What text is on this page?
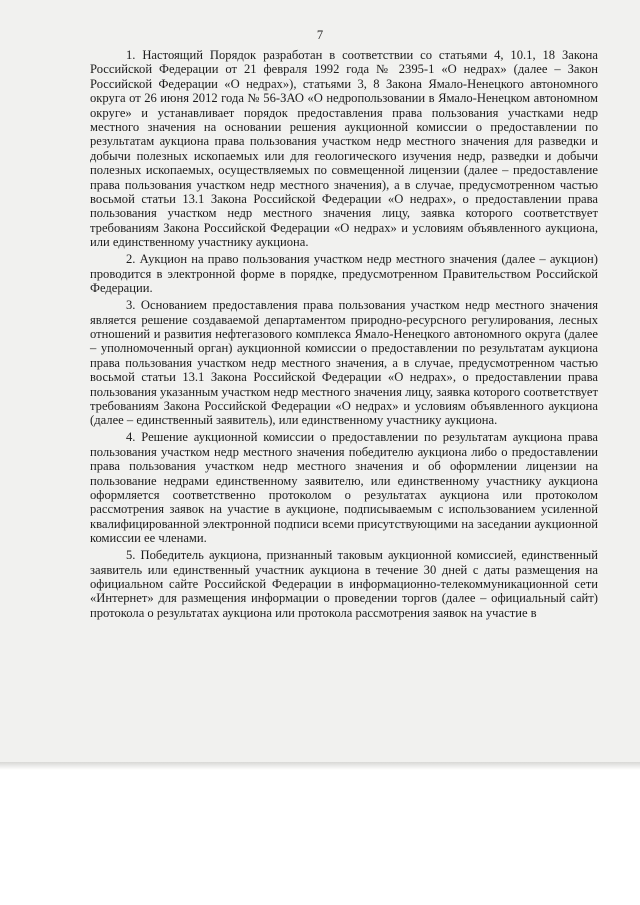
7

1. Настоящий Порядок разработан в соответствии со статьями 4, 10.1, 18 Закона Российской Федерации от 21 февраля 1992 года № 2395-1 «О недрах» (далее – Закон Российской Федерации «О недрах»), статьями 3, 8 Закона Ямало-Ненецкого автономного округа от 26 июня 2012 года № 56-ЗАО «О недропользовании в Ямало-Ненецком автономном округе» и устанавливает порядок предоставления права пользования участками недр местного значения на основании решения аукционной комиссии о предоставлении по результатам аукциона права пользования участком недр местного значения для разведки и добычи полезных ископаемых или для геологического изучения недр, разведки и добычи полезных ископаемых, осуществляемых по совмещенной лицензии (далее – предоставление права пользования участком недр местного значения), а в случае, предусмотренном частью восьмой статьи 13.1 Закона Российской Федерации «О недрах», о предоставлении права пользования участком недр местного значения лицу, заявка которого соответствует требованиям Закона Российской Федерации «О недрах» и условиям объявленного аукциона, или единственному участнику аукциона.

2. Аукцион на право пользования участком недр местного значения (далее – аукцион) проводится в электронной форме в порядке, предусмотренном Правительством Российской Федерации.

3. Основанием предоставления права пользования участком недр местного значения является решение создаваемой департаментом природно-ресурсного регулирования, лесных отношений и развития нефтегазового комплекса Ямало-Ненецкого автономного округа (далее – уполномоченный орган) аукционной комиссии о предоставлении по результатам аукциона права пользования участком недр местного значения, а в случае, предусмотренном частью восьмой статьи 13.1 Закона Российской Федерации «О недрах», о предоставлении права пользования указанным участком недр местного значения лицу, заявка которого соответствует требованиям Закона Российской Федерации «О недрах» и условиям объявленного аукциона (далее – единственный заявитель), или единственному участнику аукциона.

4. Решение аукционной комиссии о предоставлении по результатам аукциона права пользования участком недр местного значения победителю аукциона либо о предоставлении права пользования участком недр местного значения и об оформлении лицензии на пользование недрами единственному заявителю, или единственному участнику аукциона оформляется соответственно протоколом о результатах аукциона или протоколом рассмотрения заявок на участие в аукционе, подписываемым с использованием усиленной квалифицированной электронной подписи всеми присутствующими на заседании аукционной комиссии ее членами.

5. Победитель аукциона, признанный таковым аукционной комиссией, единственный заявитель или единственный участник аукциона в течение 30 дней с даты размещения на официальном сайте Российской Федерации в информационно-телекоммуникационной сети «Интернет» для размещения информации о проведении торгов (далее – официальный сайт) протокола о результатах аукциона или протокола рассмотрения заявок на участие в
